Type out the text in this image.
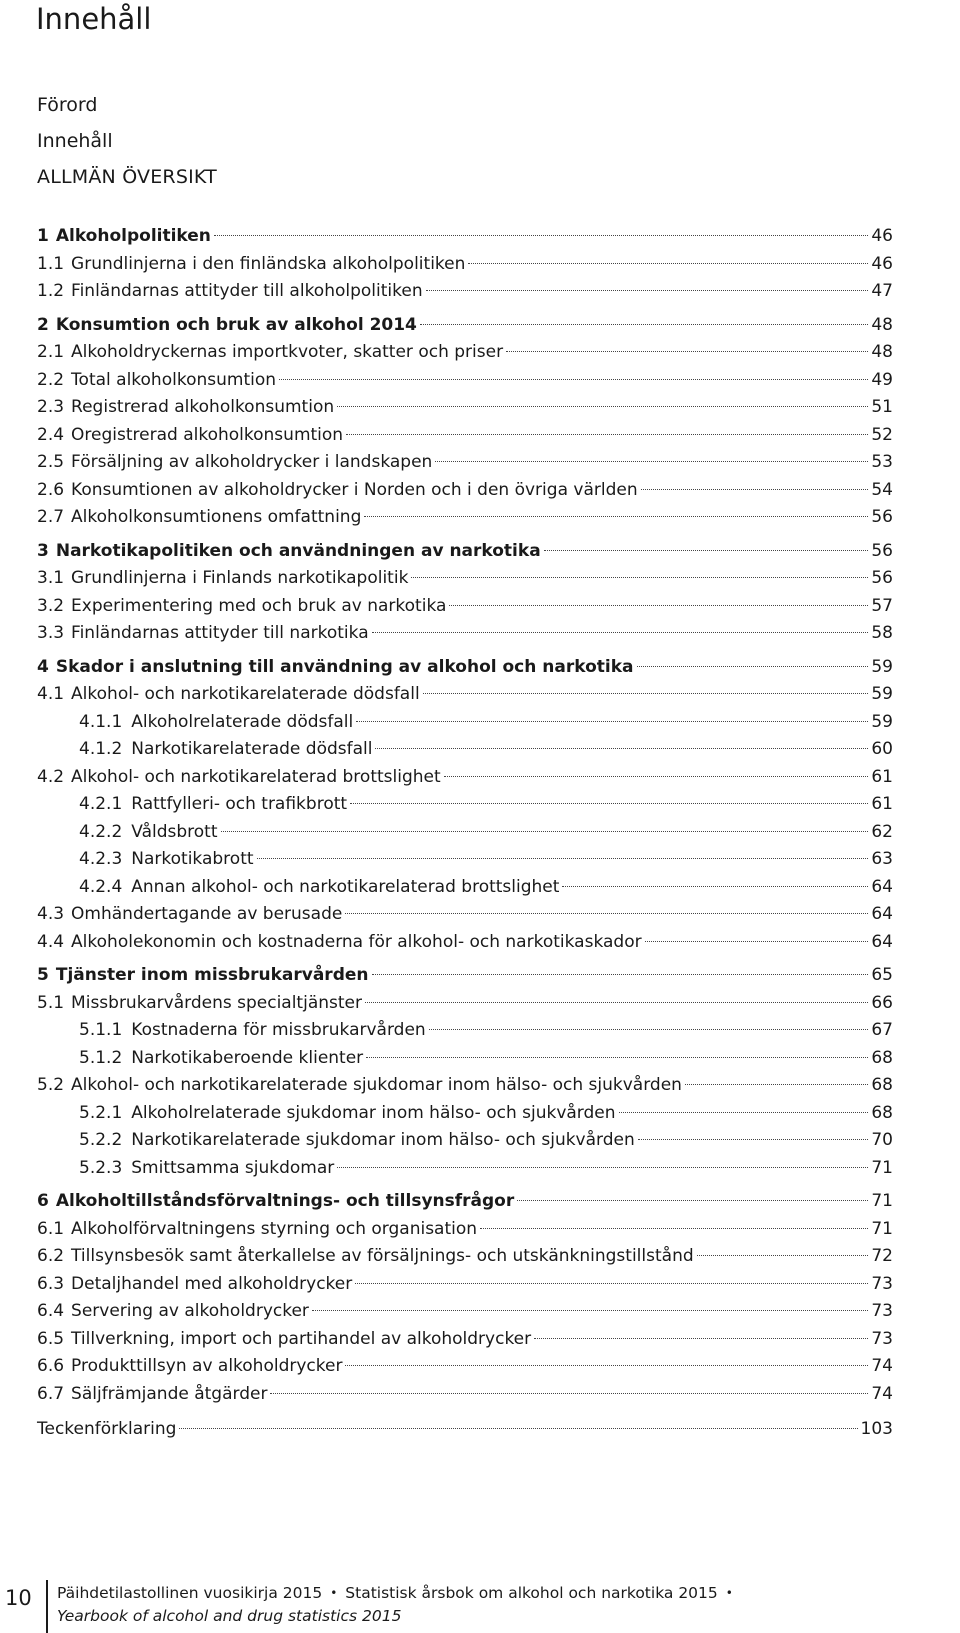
Innehåll
Förord
Innehåll
ALLMÄN ÖVERSIKT
1 Alkoholpolitiken	46
1.1 Grundlinjerna i den finländska alkoholpolitiken	46
1.2 Finländarnas attityder till alkoholpolitiken	47
2 Konsumtion och bruk av alkohol 2014	48
2.1 Alkoholdryckernas importkvoter, skatter och priser	48
2.2 Total alkoholkonsumtion	49
2.3 Registrerad alkoholkonsumtion	51
2.4 Oregistrerad alkoholkonsumtion	52
2.5 Försäljning av alkoholdrycker i landskapen	53
2.6 Konsumtionen av alkoholdrycker i Norden och i den övriga världen	54
2.7 Alkoholkonsumtionens omfattning	56
3 Narkotikapolitiken och användningen av narkotika	56
3.1 Grundlinjerna i Finlands narkotikapolitik	56
3.2 Experimentering med och bruk av narkotika	57
3.3 Finländarnas attityder till narkotika	58
4 Skador i anslutning till användning av alkohol och narkotika	59
4.1 Alkohol- och narkotikarelaterade dödsfall	59
4.1.1 Alkoholrelaterade dödsfall	59
4.1.2 Narkotikarelaterade dödsfall	60
4.2 Alkohol- och narkotikarelaterad brottslighet	61
4.2.1 Rattfylleri- och trafikbrott	61
4.2.2 Våldsbrott	62
4.2.3 Narkotikabrott	63
4.2.4 Annan alkohol- och narkotikarelaterad brottslighet	64
4.3 Omhändertagande av berusade	64
4.4 Alkoholekonomin och kostnaderna för alkohol- och narkotikaskador	64
5 Tjänster inom missbrukarvården	65
5.1 Missbrukarvårdens specialtjänster	66
5.1.1 Kostnaderna för missbrukarvården	67
5.1.2 Narkotikaberoende klienter	68
5.2 Alkohol- och narkotikarelaterade sjukdomar inom hälso- och sjukvården	68
5.2.1 Alkoholrelaterade sjukdomar inom hälso- och sjukvården	68
5.2.2 Narkotikarelaterade sjukdomar inom hälso- och sjukvården	70
5.2.3 Smittsamma sjukdomar	71
6 Alkoholtillståndsförvaltnings- och tillsynsfrågor	71
6.1 Alkoholförvaltningens styrning och organisation	71
6.2 Tillsynsbesök samt återkallelse av försäljnings- och utskänkningstillstånd	72
6.3 Detaljhandel med alkoholdrycker	73
6.4 Servering av alkoholdrycker	73
6.5 Tillverkning, import och partihandel av alkoholdrycker	73
6.6 Produkttillsyn av alkoholdrycker	74
6.7 Säljfrämjande åtgärder	74
Teckenförklaring	103
10 Päihdetilastollinen vuosikirja 2015 • Statistisk årsbok om alkohol och narkotika 2015 •
Yearbook of alcohol and drug statistics 2015
